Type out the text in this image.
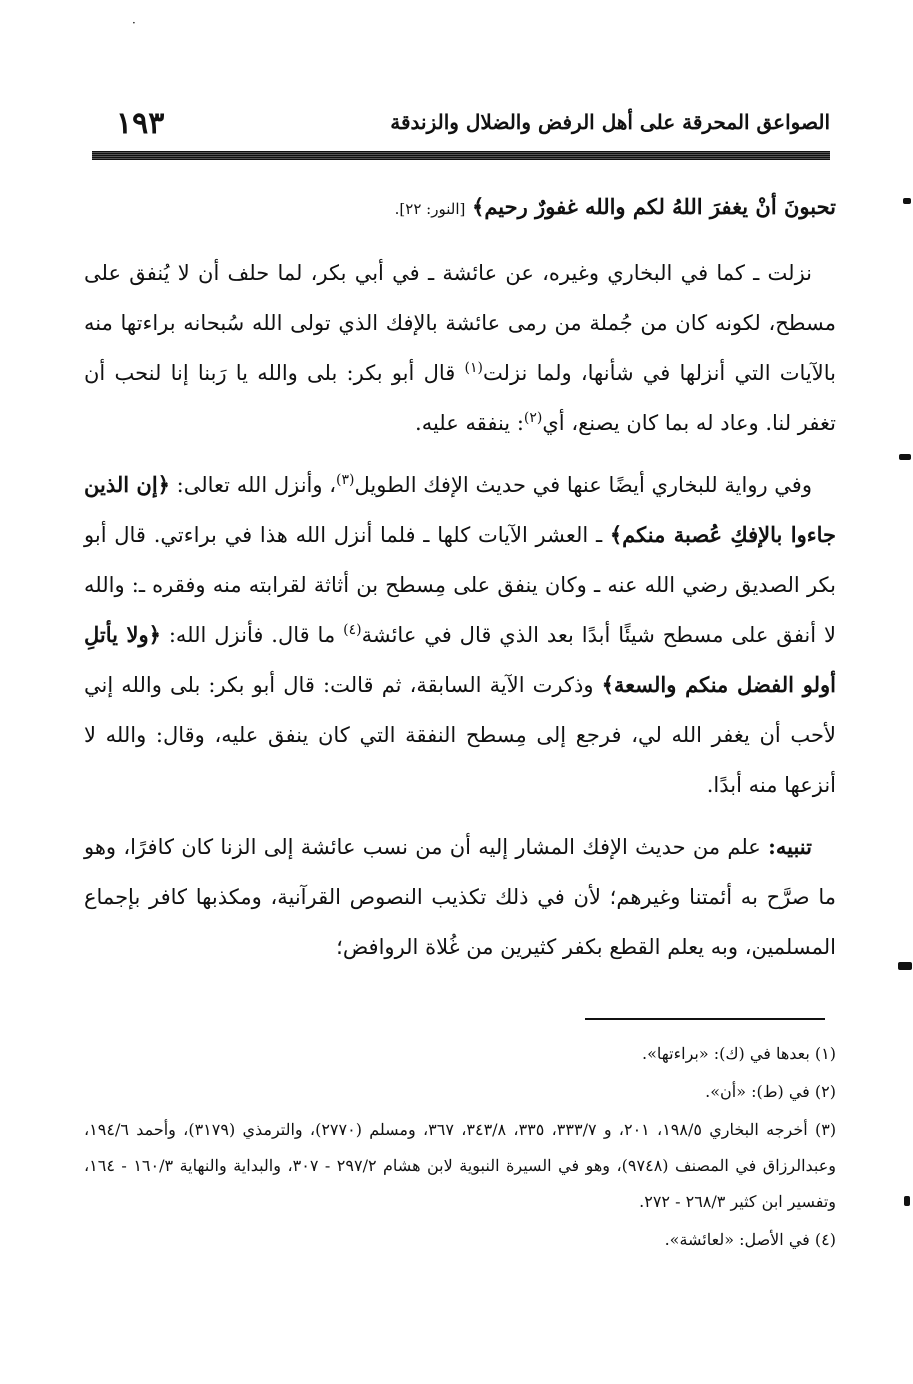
·
الصواعق المحرقة على أهل الرفض والضلال والزندقة
١٩٣
تحبونَ أنْ يغفرَ اللهُ لكم والله غفورٌ رحيم﴾ [النور: ٢٢].
نزلت ـ كما في البخاري وغيره، عن عائشة ـ في أبي بكر، لما حلف أن لا يُنفق على مسطح، لكونه كان من جُملة من رمى عائشة بالإفك الذي تولى الله سُبحانه براءتها منه بالآيات التي أنزلها في شأنها، ولما نزلت$^{(١)}$ قال أبو بكر: بلى والله يا رَبنا إنا لنحب أن تغفر لنا. وعاد له بما كان يصنع، أي$^{(٢)}$: ينفقه عليه.
وفي رواية للبخاري أيضًا عنها في حديث الإفك الطويل$^{(٣)}$، وأنزل الله تعالى: ﴿إن الذين جاءوا بالإفكِ عُصبة منكم﴾ ـ العشر الآيات كلها ـ فلما أنزل الله هذا في براءتي. قال أبو بكر الصديق رضي الله عنه ـ وكان ينفق على مِسطح بن أثاثة لقرابته منه وفقره ـ: والله لا أنفق على مسطح شيئًا أبدًا بعد الذي قال في عائشة$^{(٤)}$ ما قال. فأنزل الله: ﴿ولا يأتلِ أولو الفضل منكم والسعة﴾ وذكرت الآية السابقة، ثم قالت: قال أبو بكر: بلى والله إني لأحب أن يغفر الله لي، فرجع إلى مِسطح النفقة التي كان ينفق عليه، وقال: والله لا أنزعها منه أبدًا.
تنبيه: علم من حديث الإفك المشار إليه أن من نسب عائشة إلى الزنا كان كافرًا، وهو ما صرَّح به أئمتنا وغيرهم؛ لأن في ذلك تكذيب النصوص القرآنية، ومكذبها كافر بإجماع المسلمين، وبه يعلم القطع بكفر كثيرين من غُلاة الروافض؛
(١) بعدها في (ك): «براءتها».
(٢) في (ط): «أن».
(٣) أخرجه البخاري ١٩٨/٥، ٢٠١، و ٣٣٣/٧، ٣٣٥، ٣٤٣/٨، ٣٦٧، ومسلم (٢٧٧٠)، والترمذي (٣١٧٩)، وأحمد ١٩٤/٦، وعبدالرزاق في المصنف (٩٧٤٨)، وهو في السيرة النبوية لابن هشام ٢٩٧/٢ - ٣٠٧، والبداية والنهاية ١٦٠/٣ - ١٦٤، وتفسير ابن كثير ٢٦٨/٣ - ٢٧٢.
(٤) في الأصل: «لعائشة».
